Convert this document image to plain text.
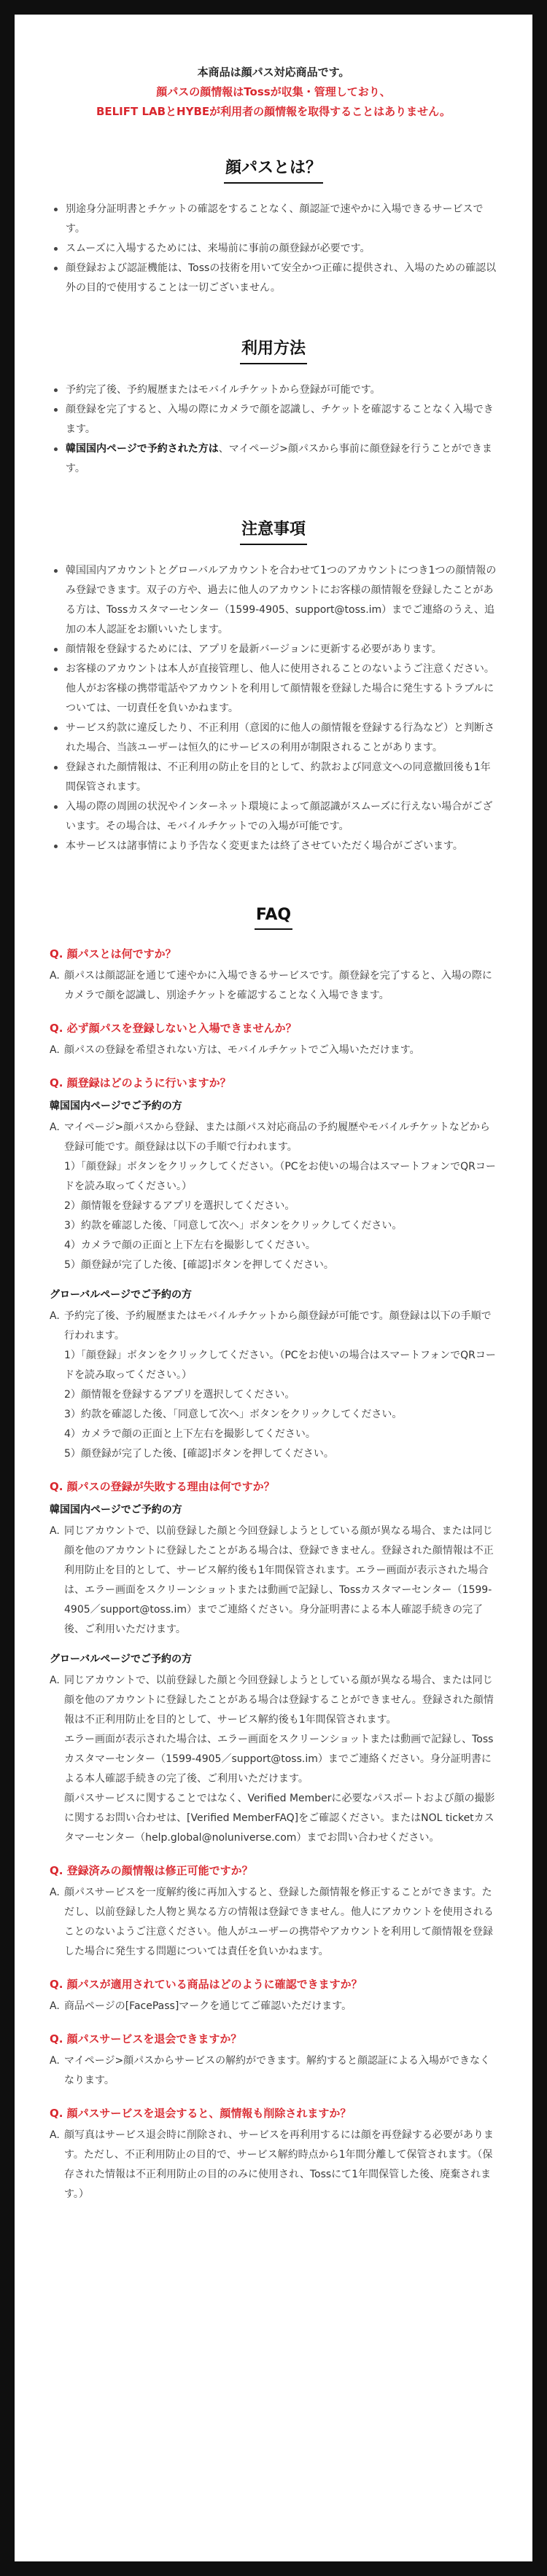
本商品は顔パス対応商品です。
顔パスの顔情報はTossが収集・管理しており、
BELIFT LABとHYBEが利用者の顔情報を取得することはありません。
顔パスとは？
別途身分証明書とチケットの確認をすることなく、顔認証で速やかに入場できるサービスです。
スムーズに入場するためには、来場前に事前の顔登録が必要です。
顔登録および認証機能は、Tossの技術を用いて安全かつ正確に提供され、入場のための確認以外の目的で使用することは一切ございません。
利用方法
予約完了後、予約履歴またはモバイルチケットから登録が可能です。
顔登録を完了すると、入場の際にカメラで顔を認識し、チケットを確認することなく入場できます。
韓国国内ページで予約された方は、マイページ>顔パスから事前に顔登録を行うことができます。
注意事項
韓国国内アカウントとグローバルアカウントを合わせて1つのアカウントにつき1つの顔情報のみ登録できます。双子の方や、過去に他人のアカウントにお客様の顔情報を登録したことがある方は、Tossカスタマーセンター（1599-4905、support@toss.im）までご連絡のうえ、追加の本人認証をお願いいたします。
顔情報を登録するためには、アプリを最新バージョンに更新する必要があります。
お客様のアカウントは本人が直接管理し、他人に使用されることのないようご注意ください。他人がお客様の携帯電話やアカウントを利用して顔情報を登録した場合に発生するトラブルについては、一切責任を負いかねます。
サービス約款に違反したり、不正利用（意図的に他人の顔情報を登録する行為など）と判断された場合、当該ユーザーは恒久的にサービスの利用が制限されることがあります。
登録された顔情報は、不正利用の防止を目的として、約款および同意文への同意撤回後も1年間保管されます。
入場の際の周囲の状況やインターネット環境によって顔認識がスムーズに行えない場合がございます。その場合は、モバイルチケットでの入場が可能です。
本サービスは諸事情により予告なく変更または終了させていただく場合がございます。
FAQ
Q. 顔パスとは何ですか？
A. 顔パスは顔認証を通じて速やかに入場できるサービスです。顔登録を完了すると、入場の際にカメラで顔を認識し、別途チケットを確認することなく入場できます。

Q. 必ず顔パスを登録しないと入場できませんか？
A. 顔パスの登録を希望されない方は、モバイルチケットでご入場いただけます。

Q. 顔登録はどのように行いますか？
韓国国内ページでご予約の方
A. マイページ>顔パスから登録、または顔パス対応商品の予約履歴やモバイルチケットなどから登録可能です。顔登録は以下の手順で行われます。

1）「顔登録」ボタンをクリックしてください。（PCをお使いの場合はスマートフォンでQRコードを読み取ってください。）

2）顔情報を登録するアプリを選択してください。

3）約款を確認した後、「同意して次へ」ボタンをクリックしてください。

4）カメラで顔の正面と上下左右を撮影してください。

5）顔登録が完了した後、[確認]ボタンを押してください。

グローバルページでご予約の方
A. 予約完了後、予約履歴またはモバイルチケットから顔登録が可能です。顔登録は以下の手順で行われます。

1）「顔登録」ボタンをクリックしてください。（PCをお使いの場合はスマートフォンでQRコードを読み取ってください。）

2）顔情報を登録するアプリを選択してください。

3）約款を確認した後、「同意して次へ」ボタンをクリックしてください。

4）カメラで顔の正面と上下左右を撮影してください。

5）顔登録が完了した後、[確認]ボタンを押してください。

Q. 顔パスの登録が失敗する理由は何ですか？
韓国国内ページでご予約の方
A. 同じアカウントで、以前登録した顔と今回登録しようとしている顔が異なる場合、または同じ顔を他のアカウントに登録したことがある場合は、登録できません。登録された顔情報は不正利用防止を目的として、サービス解約後も1年間保管されます。エラー画面が表示された場合は、エラー画面をスクリーンショットまたは動画で記録し、Tossカスタマーセンター（1599-4905／support@toss.im）までご連絡ください。身分証明書による本人確認手続きの完了後、ご利用いただけます。

グローバルページでご予約の方
A. 同じアカウントで、以前登録した顔と今回登録しようとしている顔が異なる場合、または同じ顔を他のアカウントに登録したことがある場合は登録することができません。登録された顔情報は不正利用防止を目的として、サービス解約後も1年間保管されます。

エラー画面が表示された場合は、エラー画面をスクリーンショットまたは動画で記録し、Tossカスタマーセンター（1599-4905／support@toss.im）までご連絡ください。身分証明書による本人確認手続きの完了後、ご利用いただけます。

顔パスサービスに関することではなく、Verified Memberに必要なパスポートおよび顔の撮影に関するお問い合わせは、[Verified MemberFAQ]をご確認ください。またはNOL ticketカスタマーセンター（help.global@noluniverse.com）までお問い合わせください。

Q. 登録済みの顔情報は修正可能ですか？
A. 顔パスサービスを一度解約後に再加入すると、登録した顔情報を修正することができます。ただし、以前登録した人物と異なる方の情報は登録できません。他人にアカウントを使用されることのないようご注意ください。他人がユーザーの携帯やアカウントを利用して顔情報を登録した場合に発生する問題については責任を負いかねます。

Q. 顔パスが適用されている商品はどのように確認できますか？
A. 商品ページの[FacePass]マークを通じてご確認いただけます。

Q. 顔パスサービスを退会できますか？
A. マイページ>顔パスからサービスの解約ができます。解約すると顔認証による入場ができなくなります。

Q. 顔パスサービスを退会すると、顔情報も削除されますか？
A. 顔写真はサービス退会時に削除され、サービスを再利用するには顔を再登録する必要があります。ただし、不正利用防止の目的で、サービス解約時点から1年間分離して保管されます。（保存された情報は不正利用防止の目的のみに使用され、Tossにて1年間保管した後、廃棄されます。）
